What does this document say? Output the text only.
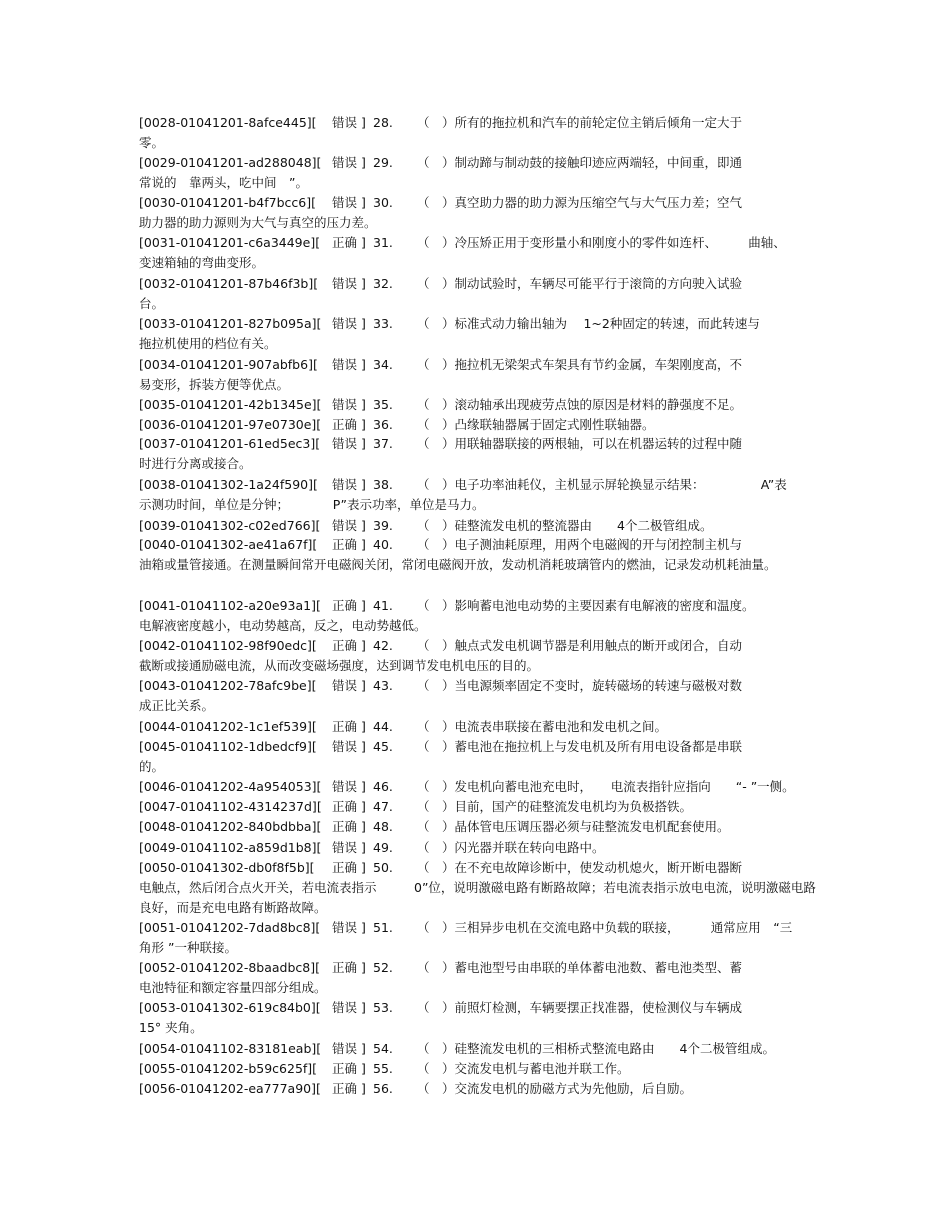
[0028-01041201-8afce445][ 错误 ] 28. （　）所有的拖拉机和汽车的前轮定位主销后倾角一定大于
零。
[0029-01041201-ad288048][ 错误 ] 29. （　）制动蹄与制动鼓的接触印迹应两端轻，中间重，即通
常说的　靠两头，吃中间　”。
[0030-01041201-b4f7bcc6][ 错误 ] 30. （　）真空助力器的助力源为压缩空气与大气压力差；空气
助力器的助力源则为大气与真空的压力差。
[0031-01041201-c6a3449e][ 正确 ] 31. （　）冷压矫正用于变形量小和刚度小的零件如连杆、　　　曲轴、
变速箱轴的弯曲变形。
[0032-01041201-87b46f3b][ 错误 ] 32. （　）制动试验时，车辆尽可能平行于滚筒的方向驶入试验
台。
[0033-01041201-827b095a][ 错误 ] 33. （　）标准式动力输出轴为　 1~2种固定的转速，而此转速与
拖拉机使用的档位有关。
[0034-01041201-907abfb6][ 错误 ] 34. （　）拖拉机无梁架式车架具有节约金属，车架刚度高，不
易变形，拆装方便等优点。
[0035-01041201-42b1345e][ 错误 ] 35. （　）滚动轴承出现疲劳点蚀的原因是材料的静强度不足。
[0036-01041201-97e0730e][ 正确 ] 36. （　）凸缘联轴器属于固定式刚性联轴器。
[0037-01041201-61ed5ec3][ 错误 ] 37. （　）用联轴器联接的两根轴，可以在机器运转的过程中随
时进行分离或接合。
[0038-01041302-1a24f590][ 错误 ] 38. （　）电子功率油耗仪，主机显示屏轮换显示结果：　　　　　A”表
示测功时间，单位是分钟；　　　　P”表示功率，单位是马力。
[0039-01041302-c02ed766][ 错误 ] 39. （　）硅整流发电机的整流器由　　4个二极管组成。
[0040-01041302-ae41a67f][ 正确 ] 40. （　）电子测油耗原理，用两个电磁阀的开与闭控制主机与
油箱或量管接通。在测量瞬间常开电磁阀关闭，常闭电磁阀开放，发动机消耗玻璃管内的燃油，记录发动机耗油量。
[0041-01041102-a20e93a1][ 正确 ] 41. （　）影响蓄电池电动势的主要因素有电解液的密度和温度。
电解液密度越小，电动势越高，反之，电动势越低。
[0042-01041102-98f90edc][ 正确 ] 42. （　）触点式发电机调节器是利用触点的断开或闭合，自动
截断或接通励磁电流，从而改变磁场强度，达到调节发电机电压的目的。
[0043-01041202-78afc9be][ 错误 ] 43. （　）当电源频率固定不变时，旋转磁场的转速与磁极对数
成正比关系。
[0044-01041202-1c1ef539][ 正确 ] 44. （　）电流表串联接在蓄电池和发电机之间。
[0045-01041102-1dbedcf9][ 错误 ] 45. （　）蓄电池在拖拉机上与发电机及所有用电设备都是串联
的。
[0046-01041202-4a954053][ 错误 ] 46. （　）发电机向蓄电池充电时，　　电流表指针应指向　　“- ”一侧。
[0047-01041102-4314237d][ 正确 ] 47. （　）目前，国产的硅整流发电机均为负极搭铁。
[0048-01041202-840bdbba][ 正确 ] 48. （　）晶体管电压调压器必须与硅整流发电机配套使用。
[0049-01041102-a859d1b8][ 错误 ] 49. （　）闪光器并联在转向电路中。
[0050-01041302-db0f8f5b][ 正确 ] 50. （　）在不充电故障诊断中，使发动机熄火，断开断电器断
电触点，然后闭合点火开关，若电流表指示　　　0”位，说明激磁电路有断路故障；若电流表指示放电电流，说明激磁电路良好，而是充电电路有断路故障。
[0051-01041202-7dad8bc8][ 错误 ] 51. （　）三相异步电机在交流电路中负载的联接，　　　通常应用　“三
角形 ”一种联接。
[0052-01041202-8baadbc8][ 正确 ] 52. （　）蓄电池型号由串联的单体蓄电池数、蓄电池类型、蓄
电池特征和额定容量四部分组成。
[0053-01041302-619c84b0][ 错误 ] 53. （　）前照灯检测，车辆要摆正找准器，使检测仪与车辆成
15° 夹角。
[0054-01041102-83181eab][ 错误 ] 54. （　）硅整流发电机的三相桥式整流电路由　　4个二极管组成。
[0055-01041202-b59c625f][ 正确 ] 55. （　）交流发电机与蓄电池并联工作。
[0056-01041202-ea777a90][ 正确 ] 56. （　）交流发电机的励磁方式为先他励，后自励。
